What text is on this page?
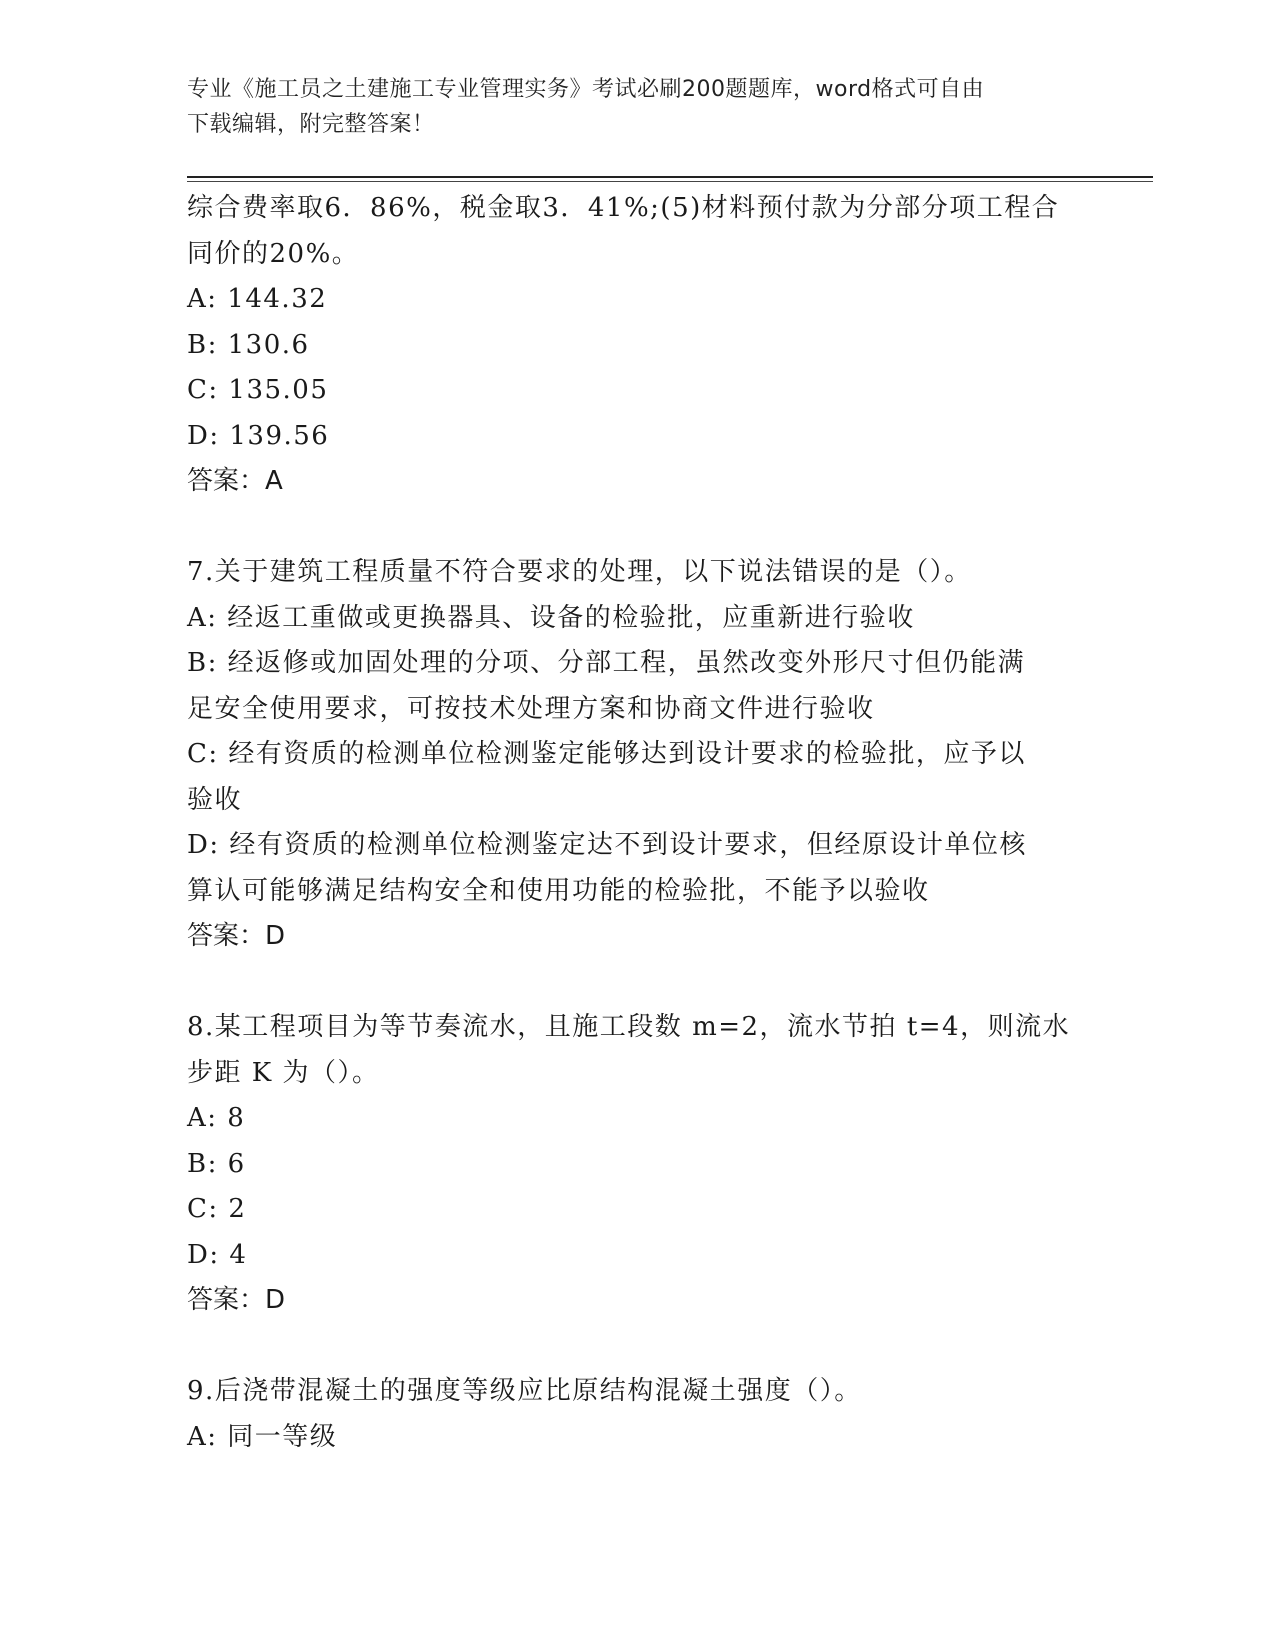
专业《施工员之土建施工专业管理实务》考试必刷200题题库，word格式可自由
下载编辑，附完整答案！
综合费率取6．86%，税金取3．41%;(5)材料预付款为分部分项工程合
同价的20%。
A: 144.32
B: 130.6
C: 135.05
D: 139.56
答案：A
7.关于建筑工程质量不符合要求的处理，以下说法错误的是（）。
A: 经返工重做或更换器具、设备的检验批，应重新进行验收
B: 经返修或加固处理的分项、分部工程，虽然改变外形尺寸但仍能满
足安全使用要求，可按技术处理方案和协商文件进行验收
C: 经有资质的检测单位检测鉴定能够达到设计要求的检验批，应予以
验收
D: 经有资质的检测单位检测鉴定达不到设计要求，但经原设计单位核
算认可能够满足结构安全和使用功能的检验批，不能予以验收
答案：D
8.某工程项目为等节奏流水，且施工段数 m=2，流水节拍 t=4，则流水
步距 K 为（）。
A: 8
B: 6
C: 2
D: 4
答案：D
9.后浇带混凝土的强度等级应比原结构混凝土强度（）。
A: 同一等级
